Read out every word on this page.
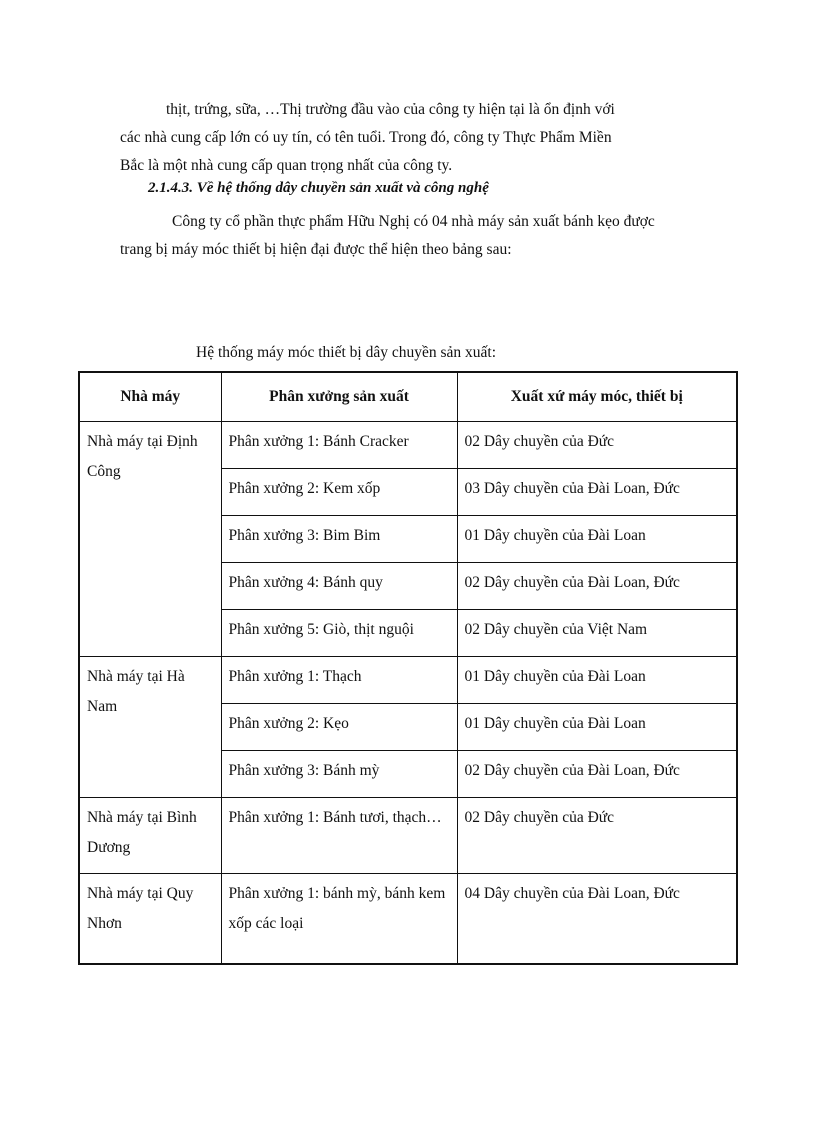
thịt, trứng, sữa, …Thị trường đầu vào của công ty hiện tại là ổn định với
các nhà cung cấp lớn có uy tín, có tên tuổi. Trong đó, công ty Thực Phẩm Miền
Bắc là một nhà cung cấp quan trọng nhất của công ty.

2.1.4.3. Về hệ thống dây chuyền sản xuất và công nghệ

Công ty cổ phần thực phẩm Hữu Nghị có 04 nhà máy sản xuất bánh kẹo được
trang bị máy móc thiết bị hiện đại được thể hiện theo bảng sau:

Hệ thống máy móc thiết bị dây chuyền sản xuất:

Nhà máy	Phân xưởng sản xuất	Xuất xứ máy móc, thiết bị
Nhà máy tại Định Công	Phân xưởng 1: Bánh Cracker	02 Dây chuyền của Đức
	Phân xưởng 2: Kem xốp	03 Dây chuyền của Đài Loan, Đức
	Phân xưởng 3: Bim Bim	01 Dây chuyền của Đài Loan
	Phân xưởng 4: Bánh quy	02 Dây chuyền của Đài Loan, Đức
	Phân xưởng 5: Giò, thịt nguội	02 Dây chuyền của Việt Nam
Nhà máy tại Hà Nam	Phân xưởng 1: Thạch	01 Dây chuyền của Đài Loan
	Phân xưởng 2: Kẹo	01 Dây chuyền của Đài Loan
	Phân xưởng 3: Bánh mỳ	02 Dây chuyền của Đài Loan, Đức
Nhà máy tại Bình Dương	Phân xưởng 1: Bánh tươi, thạch…	02 Dây chuyền của Đức
Nhà máy tại Quy Nhơn	Phân xưởng 1: bánh mỳ, bánh kem xốp các loại	04 Dây chuyền của Đài Loan, Đức
